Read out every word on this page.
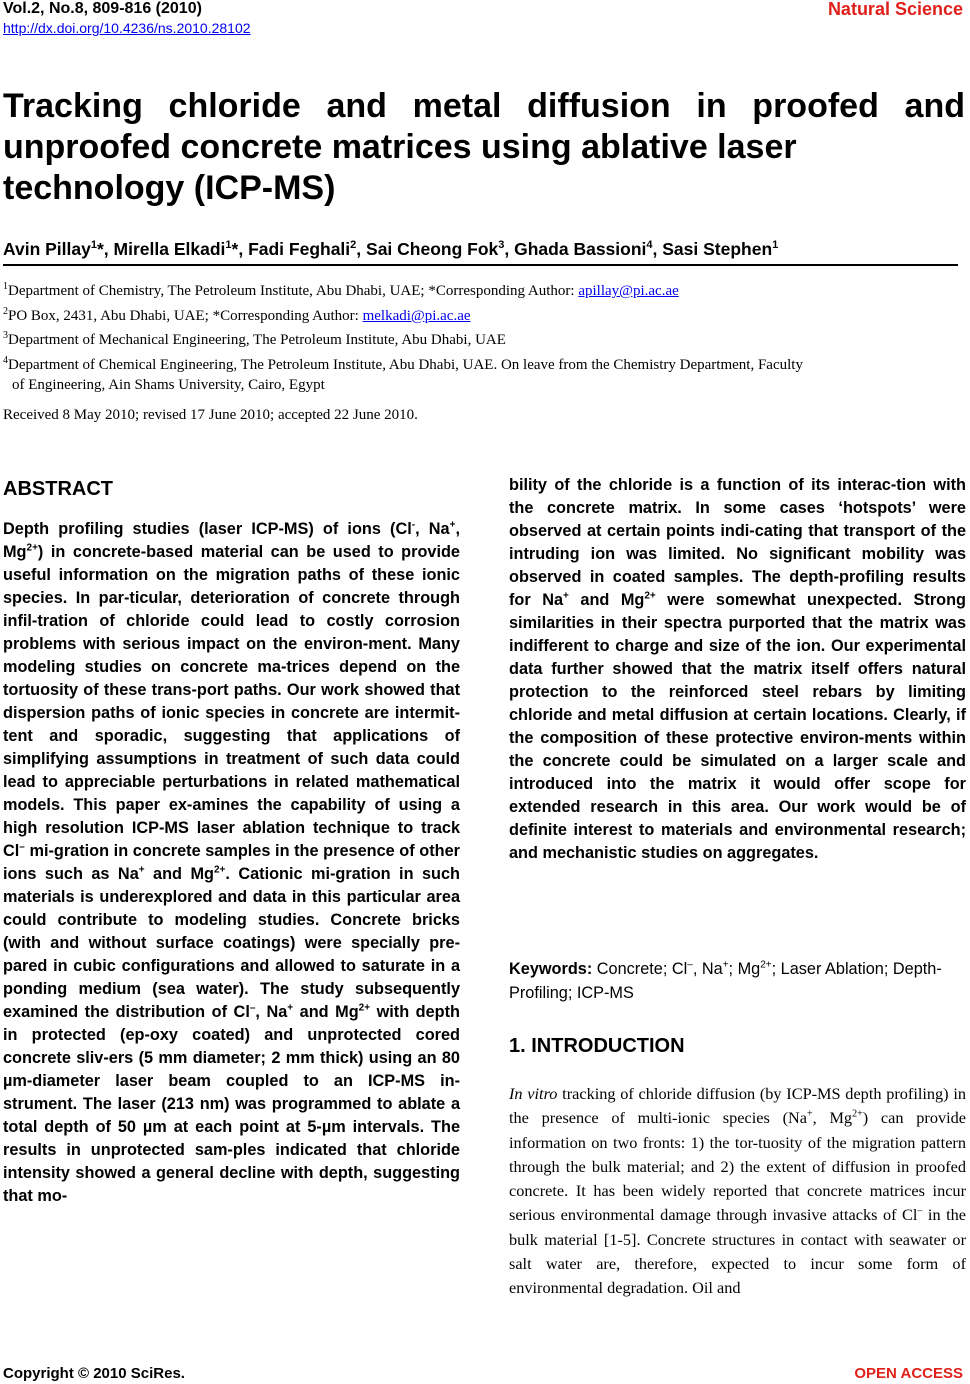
Vol.2, No.8, 809-816 (2010)
http://dx.doi.org/10.4236/ns.2010.28102
Natural Science
Tracking chloride and metal diffusion in proofed and
unproofed concrete matrices using ablative laser
technology (ICP-MS)
Avin Pillay$^1$*, Mirella Elkadi$^1$*, Fadi Feghali$^2$, Sai Cheong Fok$^3$, Ghada Bassioni$^4$, Sasi Stephen$^1$
$^1$Department of Chemistry, The Petroleum Institute, Abu Dhabi, UAE; *Corresponding Author: apillay@pi.ac.ae
$^2$PO Box, 2431, Abu Dhabi, UAE; *Corresponding Author: melkadi@pi.ac.ae
$^3$Department of Mechanical Engineering, The Petroleum Institute, Abu Dhabi, UAE
$^4$Department of Chemical Engineering, The Petroleum Institute, Abu Dhabi, UAE. On leave from the Chemistry Department, Faculty
of Engineering, Ain Shams University, Cairo, Egypt
Received 8 May 2010; revised 17 June 2010; accepted 22 June 2010.
ABSTRACT
Depth profiling studies (laser ICP-MS) of ions (Cl-, Na+, $Mg^{2+}$) in concrete-based material can be used to provide useful information on the migration paths of these ionic species. In par-ticular, deterioration of concrete through infil-tration of chloride could lead to costly corrosion problems with serious impact on the environ-ment. Many modeling studies on concrete ma-trices depend on the tortuosity of these trans-port paths. Our work showed that dispersion paths of ionic species in concrete are intermit-tent and sporadic, suggesting that applications of simplifying assumptions in treatment of such data could lead to appreciable perturbations in related mathematical models. This paper ex-amines the capability of using a high resolution ICP-MS laser ablation technique to track Cl– mi-gration in concrete samples in the presence of other ions such as Na+ and $Mg^{2+}$. Cationic mi-gration in such materials is underexplored and data in this particular area could contribute to modeling studies. Concrete bricks (with and without surface coatings) were specially pre-pared in cubic configurations and allowed to saturate in a ponding medium (sea water). The study subsequently examined the distribution of Cl–, Na+ and $Mg^{2+}$ with depth in protected (ep-oxy coated) and unprotected cored concrete sliv-ers (5 mm diameter; 2 mm thick) using an 80 µm-diameter laser beam coupled to an ICP-MS in-strument. The laser (213 nm) was programmed to ablate a total depth of 50 µm at each point at 5-µm intervals. The results in unprotected sam-ples indicated that chloride intensity showed a general decline with depth, suggesting that mo-
bility of the chloride is a function of its interac-tion with the concrete matrix. In some cases ‘hotspots’ were observed at certain points indi-cating that transport of the intruding ion was limited. No significant mobility was observed in coated samples. The depth-profiling results for Na+ and $Mg^{2+}$ were somewhat unexpected. Strong similarities in their spectra purported that the matrix was indifferent to charge and size of the ion. Our experimental data further showed that the matrix itself offers natural protection to the reinforced steel rebars by limiting chloride and metal diffusion at certain locations. Clearly, if the composition of these protective environ-ments within the concrete could be simulated on a larger scale and introduced into the matrix it would offer scope for extended research in this area. Our work would be of definite interest to materials and environmental research; and mechanistic studies on aggregates.
Keywords: Concrete; Cl–, Na+; $Mg^{2+}$; Laser Ablation; Depth-Profiling; ICP-MS
1. INTRODUCTION
In vitro tracking of chloride diffusion (by ICP-MS depth profiling) in the presence of multi-ionic species (Na+, $Mg^{2+}$) can provide information on two fronts: 1) the tor-tuosity of the migration pattern through the bulk material; and 2) the extent of diffusion in proofed concrete. It has been widely reported that concrete matrices incur serious environmental damage through invasive attacks of Cl– in the bulk material [1-5]. Concrete structures in contact with seawater or salt water are, therefore, expected to incur some form of environmental degradation. Oil and
Copyright © 2010 SciRes.	OPEN ACCESS
